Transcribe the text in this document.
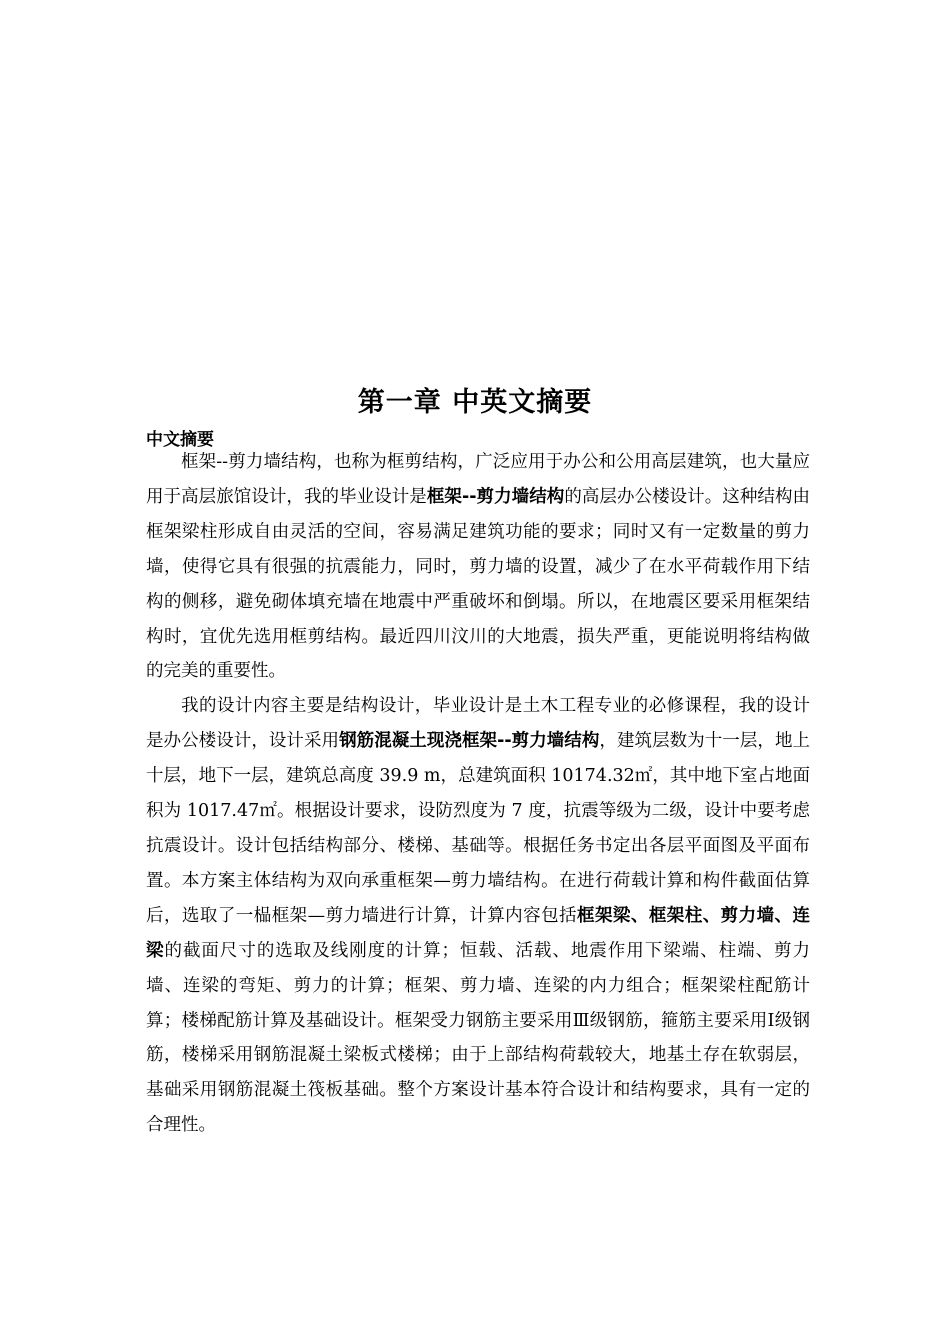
第一章 中英文摘要
中文摘要

框架--剪力墙结构，也称为框剪结构，广泛应用于办公和公用高层建筑，也大量应用于高层旅馆设计，我的毕业设计是框架--剪力墙结构的高层办公楼设计。这种结构由框架梁柱形成自由灵活的空间，容易满足建筑功能的要求；同时又有一定数量的剪力墙，使得它具有很强的抗震能力，同时，剪力墙的设置，减少了在水平荷载作用下结构的侧移，避免砌体填充墙在地震中严重破坏和倒塌。所以，在地震区要采用框架结构时，宜优先选用框剪结构。最近四川汶川的大地震，损失严重，更能说明将结构做的完美的重要性。

我的设计内容主要是结构设计，毕业设计是土木工程专业的必修课程，我的设计是办公楼设计，设计采用钢筋混凝土现浇框架--剪力墙结构，建筑层数为十一层，地上十层，地下一层，建筑总高度 39.9 m，总建筑面积 10174.32㎡，其中地下室占地面积为 1017.47㎡。根据设计要求，设防烈度为 7 度，抗震等级为二级，设计中要考虑抗震设计。设计包括结构部分、楼梯、基础等。根据任务书定出各层平面图及平面布置。本方案主体结构为双向承重框架—剪力墙结构。在进行荷载计算和构件截面估算后，选取了一榀框架—剪力墙进行计算，计算内容包括框架梁、框架柱、剪力墙、连梁的截面尺寸的选取及线刚度的计算；恒载、活载、地震作用下梁端、柱端、剪力墙、连梁的弯矩、剪力的计算；框架、剪力墙、连梁的内力组合；框架梁柱配筋计算；楼梯配筋计算及基础设计。框架受力钢筋主要采用Ⅲ级钢筋，箍筋主要采用Ⅰ级钢筋，楼梯采用钢筋混凝土梁板式楼梯；由于上部结构荷载较大，地基土存在软弱层，基础采用钢筋混凝土筏板基础。整个方案设计基本符合设计和结构要求，具有一定的合理性。
